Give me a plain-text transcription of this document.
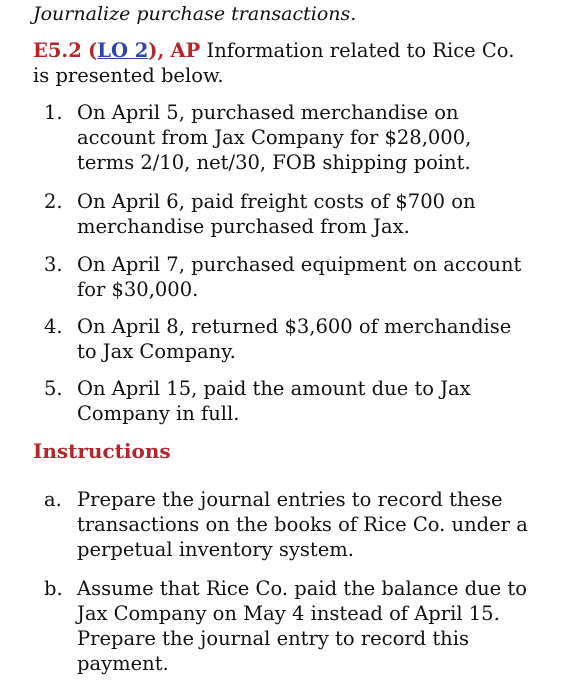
Journalize purchase transactions.
E5.2 (LO 2), AP Information related to Rice Co. is presented below.
1. On April 5, purchased merchandise on account from Jax Company for $28,000, terms 2/10, net/30, FOB shipping point.
2. On April 6, paid freight costs of $700 on merchandise purchased from Jax.
3. On April 7, purchased equipment on account for $30,000.
4. On April 8, returned $3,600 of merchandise to Jax Company.
5. On April 15, paid the amount due to Jax Company in full.
Instructions
a. Prepare the journal entries to record these transactions on the books of Rice Co. under a perpetual inventory system.
b. Assume that Rice Co. paid the balance due to Jax Company on May 4 instead of April 15. Prepare the journal entry to record this payment.
